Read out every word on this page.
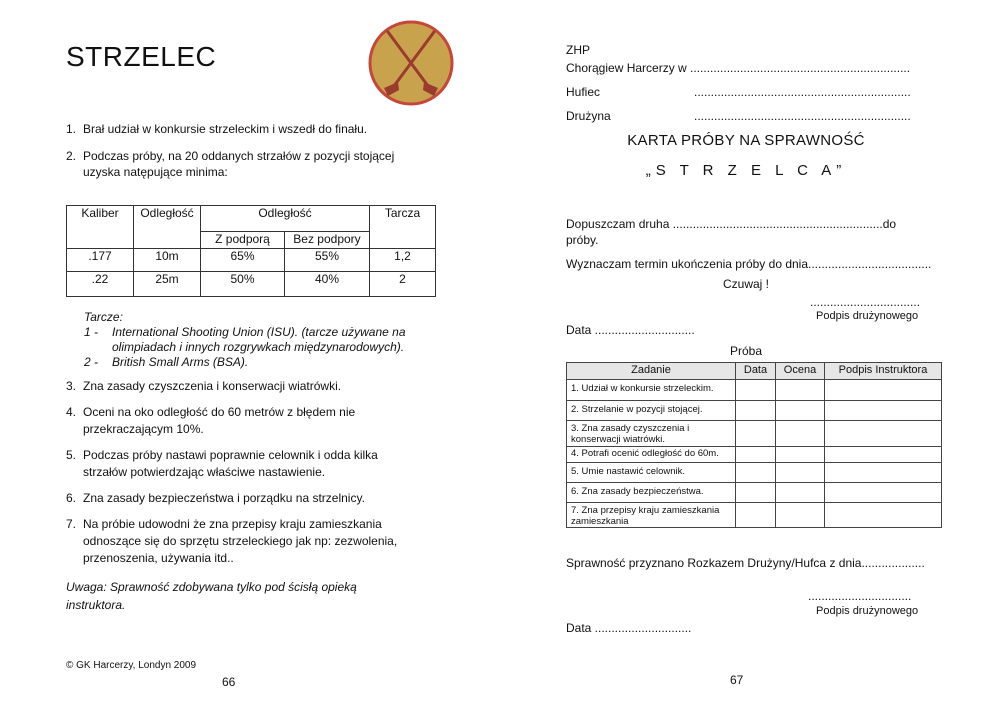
STRZELEC
1. Brał udział w konkursie strzeleckim i wszedł do finału.
2. Podczas próby, na 20 oddanych strzałów z pozycji stojącej uzyska natępujące minima:
Kaliber	Odległość	Odległość		Tarcza
		Z podporą	Bez podpory	
.177	10m	65%	55%	1,2
.22	25m	50%	40%	2
Tarcze:
1 - International Shooting Union (ISU). (tarcze używane na olimpiadach i innych rozgrywkach międzynarodowych).
2 - British Small Arms (BSA).
3. Zna zasady czyszczenia i konserwacji wiatrówki.
4. Oceni na oko odległość do 60 metrów z błędem nie przekraczającym 10%.
5. Podczas próby nastawi poprawnie celownik i odda kilka strzałów potwierdzając właściwe nastawienie.
6. Zna zasady bezpieczeństwa i porządku na strzelnicy.
7. Na próbie udowodni że zna przepisy kraju zamieszkania odnoszące się do sprzętu strzeleckiego jak np: zezwolenia, przenoszenia, używania itd..
Uwaga: Sprawność zdobywana tylko pod ścisłą opieką instruktora.
© GK Harcerzy, Londyn 2009
66
ZHP
Chorągiew Harcerzy w ..................................................................
Hufiec	.................................................................
Drużyna	.................................................................
KARTA PRÓBY NA SPRAWNOŚĆ
„S T R Z E L C A”
Dopuszczam druha ...............................................................do
próby.
Wyznaczam termin ukończenia próby do dnia.....................................
Czuwaj !
.................................
Podpis drużynowego
Data ..............................
Próba
Zadanie	Data	Ocena	Podpis Instruktora
1. Udział w konkursie strzeleckim.			
2. Strzelanie w pozycji stojącej.			
3. Zna zasady czyszczenia i konserwacji wiatrówki.			
4. Potrafi ocenić odległość do 60m.			
5. Umie nastawić celownik.			
6. Zna zasady bezpieczeństwa.			
7. Zna przepisy kraju zamieszkania zamieszkania			
Sprawność przyznano Rozkazem Drużyny/Hufca z dnia...................
...............................
Podpis drużynowego
Data .............................
67
